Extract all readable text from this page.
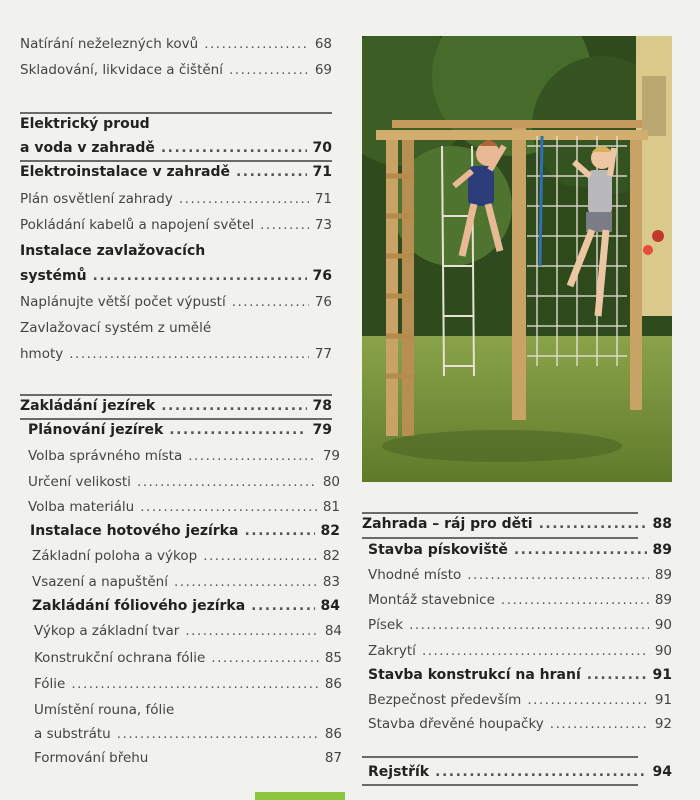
Natírání neželezných kovů .....	68
Skladování, likvidace a čištění .....	69
Elektrický proud
a voda v zahradě .....	70
Elektroinstalace v zahradě .....	71
Plán osvětlení zahrady .....	71
Pokládání kabelů a napojení světel .....	73
Instalace zavlažovacích
systémů .....	76
Naplánujte větší počet výpustí .....	76
Zavlažovací systém z umělé
hmoty .....	77
Zakládání jezírek .....	78
Plánování jezírek .....	79
Volba správného místa .....	79
Určení velikosti .....	80
Volba materiálu .....	81
Instalace hotového jezírka .....	82
Základní poloha a výkop .....	82
Vsazení a napuštění .....	83
Zakládání fóliového jezírka .....	84
Výkop a základní tvar .....	84
Konstrukční ochrana fólie .....	85
Fólie .....	86
Umístění rouna, fólie
a substrátu .....	86
Formování břehu	87
Zahrada – ráj pro děti .....	88
Stavba pískoviště .....	89
Vhodné místo .....	89
Montáž stavebnice .....	89
Písek .....	90
Zakrytí .....	90
Stavba konstrukcí na hraní .....	91
Bezpečnost především .....	91
Stavba dřevěné houpačky .....	92
Rejstřík .....	94
